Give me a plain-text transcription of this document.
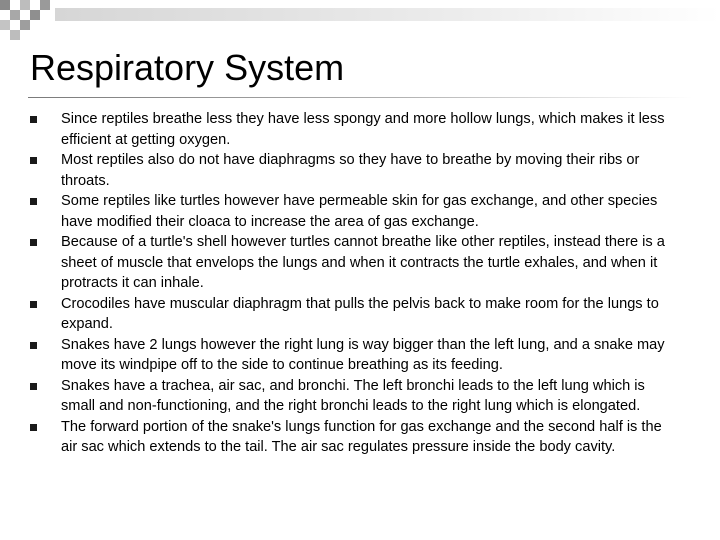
Respiratory System
Since reptiles breathe less they have less spongy and more hollow lungs, which makes it less efficient at getting oxygen.
Most reptiles also do not have diaphragms so they have to breathe by moving their ribs or throats.
Some reptiles like turtles however have permeable skin for gas exchange, and other species have modified their cloaca to increase the area of gas exchange.
Because of a turtle's shell however turtles cannot breathe like other reptiles, instead there is a sheet of muscle that envelops the lungs and when it contracts the turtle exhales, and when it protracts it can inhale.
Crocodiles have muscular diaphragm that pulls the pelvis back to make room for the lungs to expand.
Snakes have 2 lungs however the right lung is way bigger than the left lung, and a snake may move its windpipe off to the side to continue breathing as its feeding.
Snakes have a trachea, air sac, and bronchi. The left bronchi leads to the left lung which is small and non-functioning, and the right bronchi leads to the right lung which is elongated.
The forward portion of the snake's lungs function for gas exchange and the second half is the air sac which extends to the tail. The air sac regulates pressure inside the body cavity.
